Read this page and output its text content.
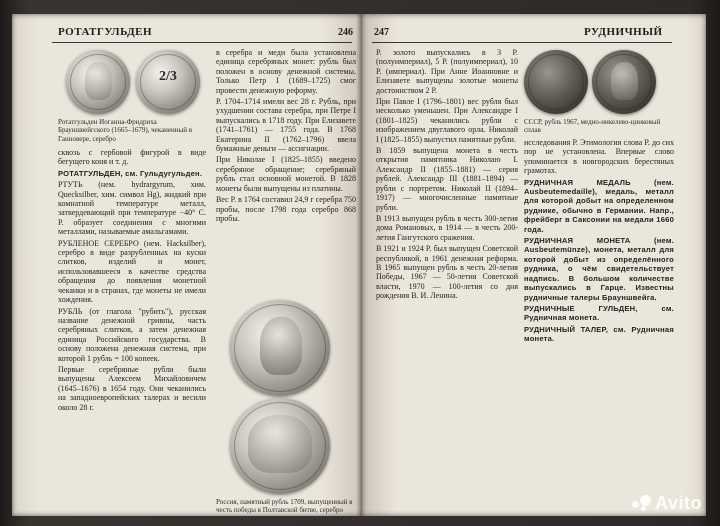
РОТАТГУЛЬДЕН	246
2/3
Ротатгульден Иоганна-Фридриха Брауншвейгского (1665–1679), чеканенный в Ганновере, серебро

сквозь с гербовой фигурой в виде бегущего коня и т. д.

РОТАТГУЛЬДЕН, см. Гульдугульден.

РТУТЬ (нем. hydrargyrum, хим. Quecksilber, хим. символ Hg), жидкий при комнатной температуре металл, затвердевающий при температуре −40° С. Р. образует соединения с многими металлами, называемые амальгамами.

РУБЛЕНОЕ СЕРЕБРО (нем. Hacksilber), серебро в виде разрубленных на куски слитков, изделий и монет, использовавшееся в качестве средства обращения до появления монетной чеканки и в странах, где монеты не имели хождения.

РУБЛЬ (от глагола "рубить"), русская название денежной гривны, часть серебряных слитков, а затем денежная единица Российского государства. В основу положена денежная система, при которой 1 рубль = 100 копеек.

Первые серебряные рубли были выпущены Алексеем Михайловичем (1645–1676) в 1654 году. Они чеканились на западноевропейских талерах и весили около 28 г.

в серебра и меди была установлена единица серебряных монет: рубль был положен в основу денежной системы. Только Петр I (1689–1725) смог провести денежную реформу.

Р. 1704–1714 имели вес 28 г. Рубль, при ухудшении состава серебра, при Петре I выпускались в 1718 году. При Елизавете (1741–1761) — 1755 года. В 1768 Екатерина II (1762–1796) ввела бумажные деньги — ассигнации.

При Николае I (1825–1855) введено серебряное обращение; серебряный рубль стал основной монетой. В 1828 монеты были выпущены из платины.

Вес Р. в 1764 составил 24,9 г серебра 750 пробы, после 1798 года серебро 868 пробы.

Россия, памятный рубль 1709, выпущенный в честь победы в Полтавской битве, серебро
247	РУДНИЧНЫЙ

Р. золото выпускались в 3 Р. (полуимпериал), 5 Р. (полуимпериал), 10 Р. (империал). При Анне Иоанновне и Елизавете выпущены золотые монеты достоинством 2 Р.

При Павле I (1796–1801) вес рубля был несколько уменьшен. При Александре I (1801–1825) чеканились рубли с изображением двуглавого орла. Николай I (1825–1855) выпустил памятные рубли.

В 1859 выпущена монета в честь открытия памятника Николаю I. Александр II (1855–1881) — серия рублей. Александр III (1881–1894) — рубли с портретом. Николай II (1894–1917) — многочисленные памятные рубли.

В 1913 выпущен рубль в честь 300-летия дома Романовых, в 1914 — в честь 200-летия Гангутского сражения.

В 1921 и 1924 Р. был выпущен Советской республикой, в 1961 денежная реформа. В 1965 выпущен рубль в честь 20-летия Победы, 1967 — 50-летия Советской власти, 1970 — 100-летия со дня рождения В. И. Ленина.

СССР, рубль 1967, медно-никелево-цинковый сплав

исследования Р. Этимология слова Р. до сих пор не установлена. Впервые слово упоминается в новгородских берестяных грамотах.

РУДНИЧНАЯ МЕДАЛЬ (нем. Ausbeutemedaille), медаль, металл для которой добыт на определенном руднике, обычно в Германии. Напр., фрейберг в Саксонии на медали 1660 года.

РУДНИЧНАЯ МОНЕТА (нем. Ausbeutemünze), монета, металл для которой добыт из определённого рудника, о чём свидетельствует надпись. В большом количестве выпускались в Гарце. Известны рудничные талеры Брауншвейга.

РУДНИЧНЫЕ ГУЛЬДЕН, см. Рудничная монета.

РУДНИЧНЫЙ ТАЛЕР, см. Рудничная монета.

Avito
